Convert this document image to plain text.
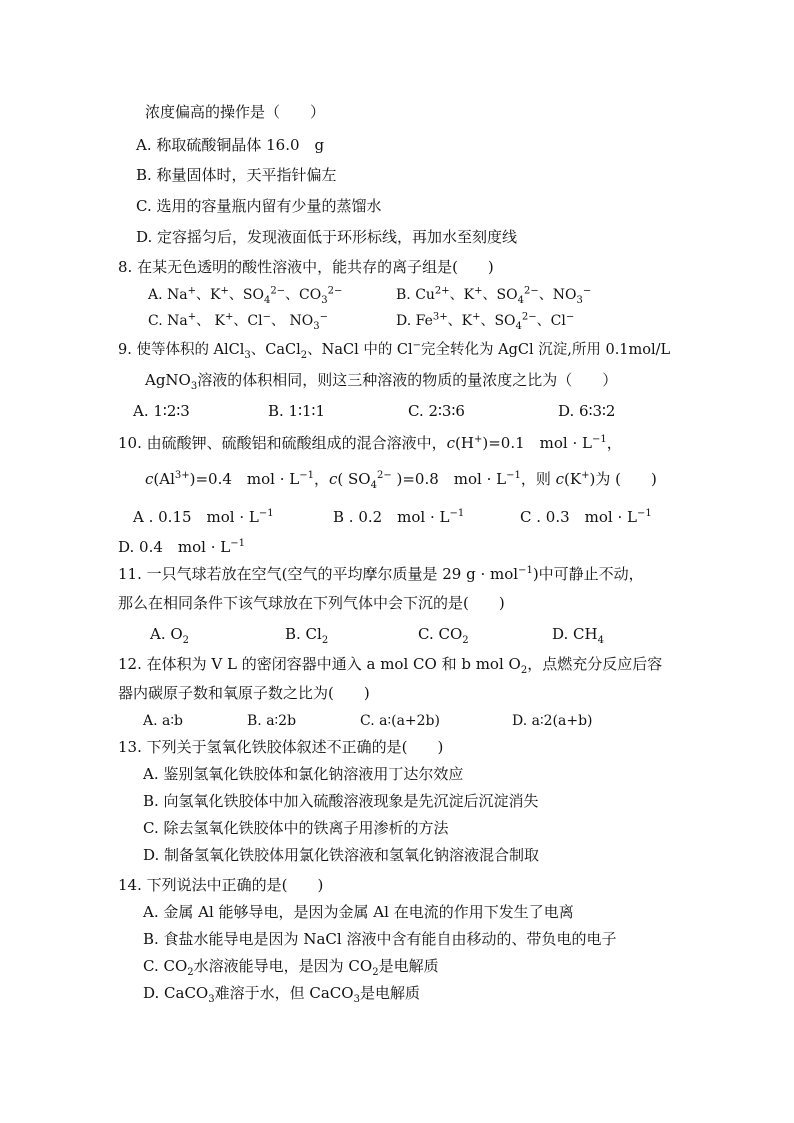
浓度偏高的操作是（　　）
A. 称取硫酸铜晶体 16.0　g
B. 称量固体时，天平指针偏左
C. 选用的容量瓶内留有少量的蒸馏水
D. 定容摇匀后，发现液面低于环形标线，再加水至刻度线
8. 在某无色透明的酸性溶液中，能共存的离子组是(　　)
A. Na+、K+、$SO_4^{2-}$、$CO_3^{2-}$	B. $Cu^{2+}$、K+、$SO_4^{2-}$、$NO_3^-$
C. Na+、 K+、Cl−、 $NO_3^-$	D. $Fe^{3+}$、K+、$SO_4^{2-}$、Cl−
9. 使等体积的 AlCl$_3$、CaCl$_2$、NaCl 中的 Cl−完全转化为 AgCl 沉淀,所用 0.1mol/L
AgNO$_3$溶液的体积相同，则这三种溶液的物质的量浓度之比为（　　）
A. 1∶2∶3	B. 1∶1∶1	C. 2∶3∶6	D. 6∶3∶2
10. 由硫酸钾、硫酸铝和硫酸组成的混合溶液中，c(H+)=0.1　mol · $L^{-1}$，
$c(Al^{3+})=0.4$　mol · $L^{-1}$，c( $SO_4^{2-}$ )=0.8　mol · $L^{-1}$，则 c(K+)为 (　　)
A . 0.15　mol · $L^{-1}$	B . 0.2　mol · $L^{-1}$	C . 0.3　mol · $L^{-1}$
D. 0.4　mol · $L^{-1}$
11. 一只气球若放在空气(空气的平均摩尔质量是 29 g · mol$^{-1}$)中可静止不动，
那么在相同条件下该气球放在下列气体中会下沉的是(　　)
A. $O_2$	B. $Cl_2$	C. $CO_2$	D. $CH_4$
12. 在体积为 V L 的密闭容器中通入 a mol CO 和 b mol $O_2$，点燃充分反应后容
器内碳原子数和氧原子数之比为(　　)
A. a∶b	B. a∶2b	C. a∶(a+2b)	D. a∶2(a+b)
13. 下列关于氢氧化铁胶体叙述不正确的是(　　)
A. 鉴别氢氧化铁胶体和氯化钠溶液用丁达尔效应
B. 向氢氧化铁胶体中加入硫酸溶液现象是先沉淀后沉淀消失
C. 除去氢氧化铁胶体中的铁离子用渗析的方法
D. 制备氢氧化铁胶体用氯化铁溶液和氢氧化钠溶液混合制取
14. 下列说法中正确的是(　　)
A. 金属 Al 能够导电，是因为金属 Al 在电流的作用下发生了电离
B. 食盐水能导电是因为 NaCl 溶液中含有能自由移动的、带负电的电子
C. $CO_2$水溶液能导电，是因为 $CO_2$是电解质
D. CaCO$_3$难溶于水，但 CaCO$_3$是电解质
